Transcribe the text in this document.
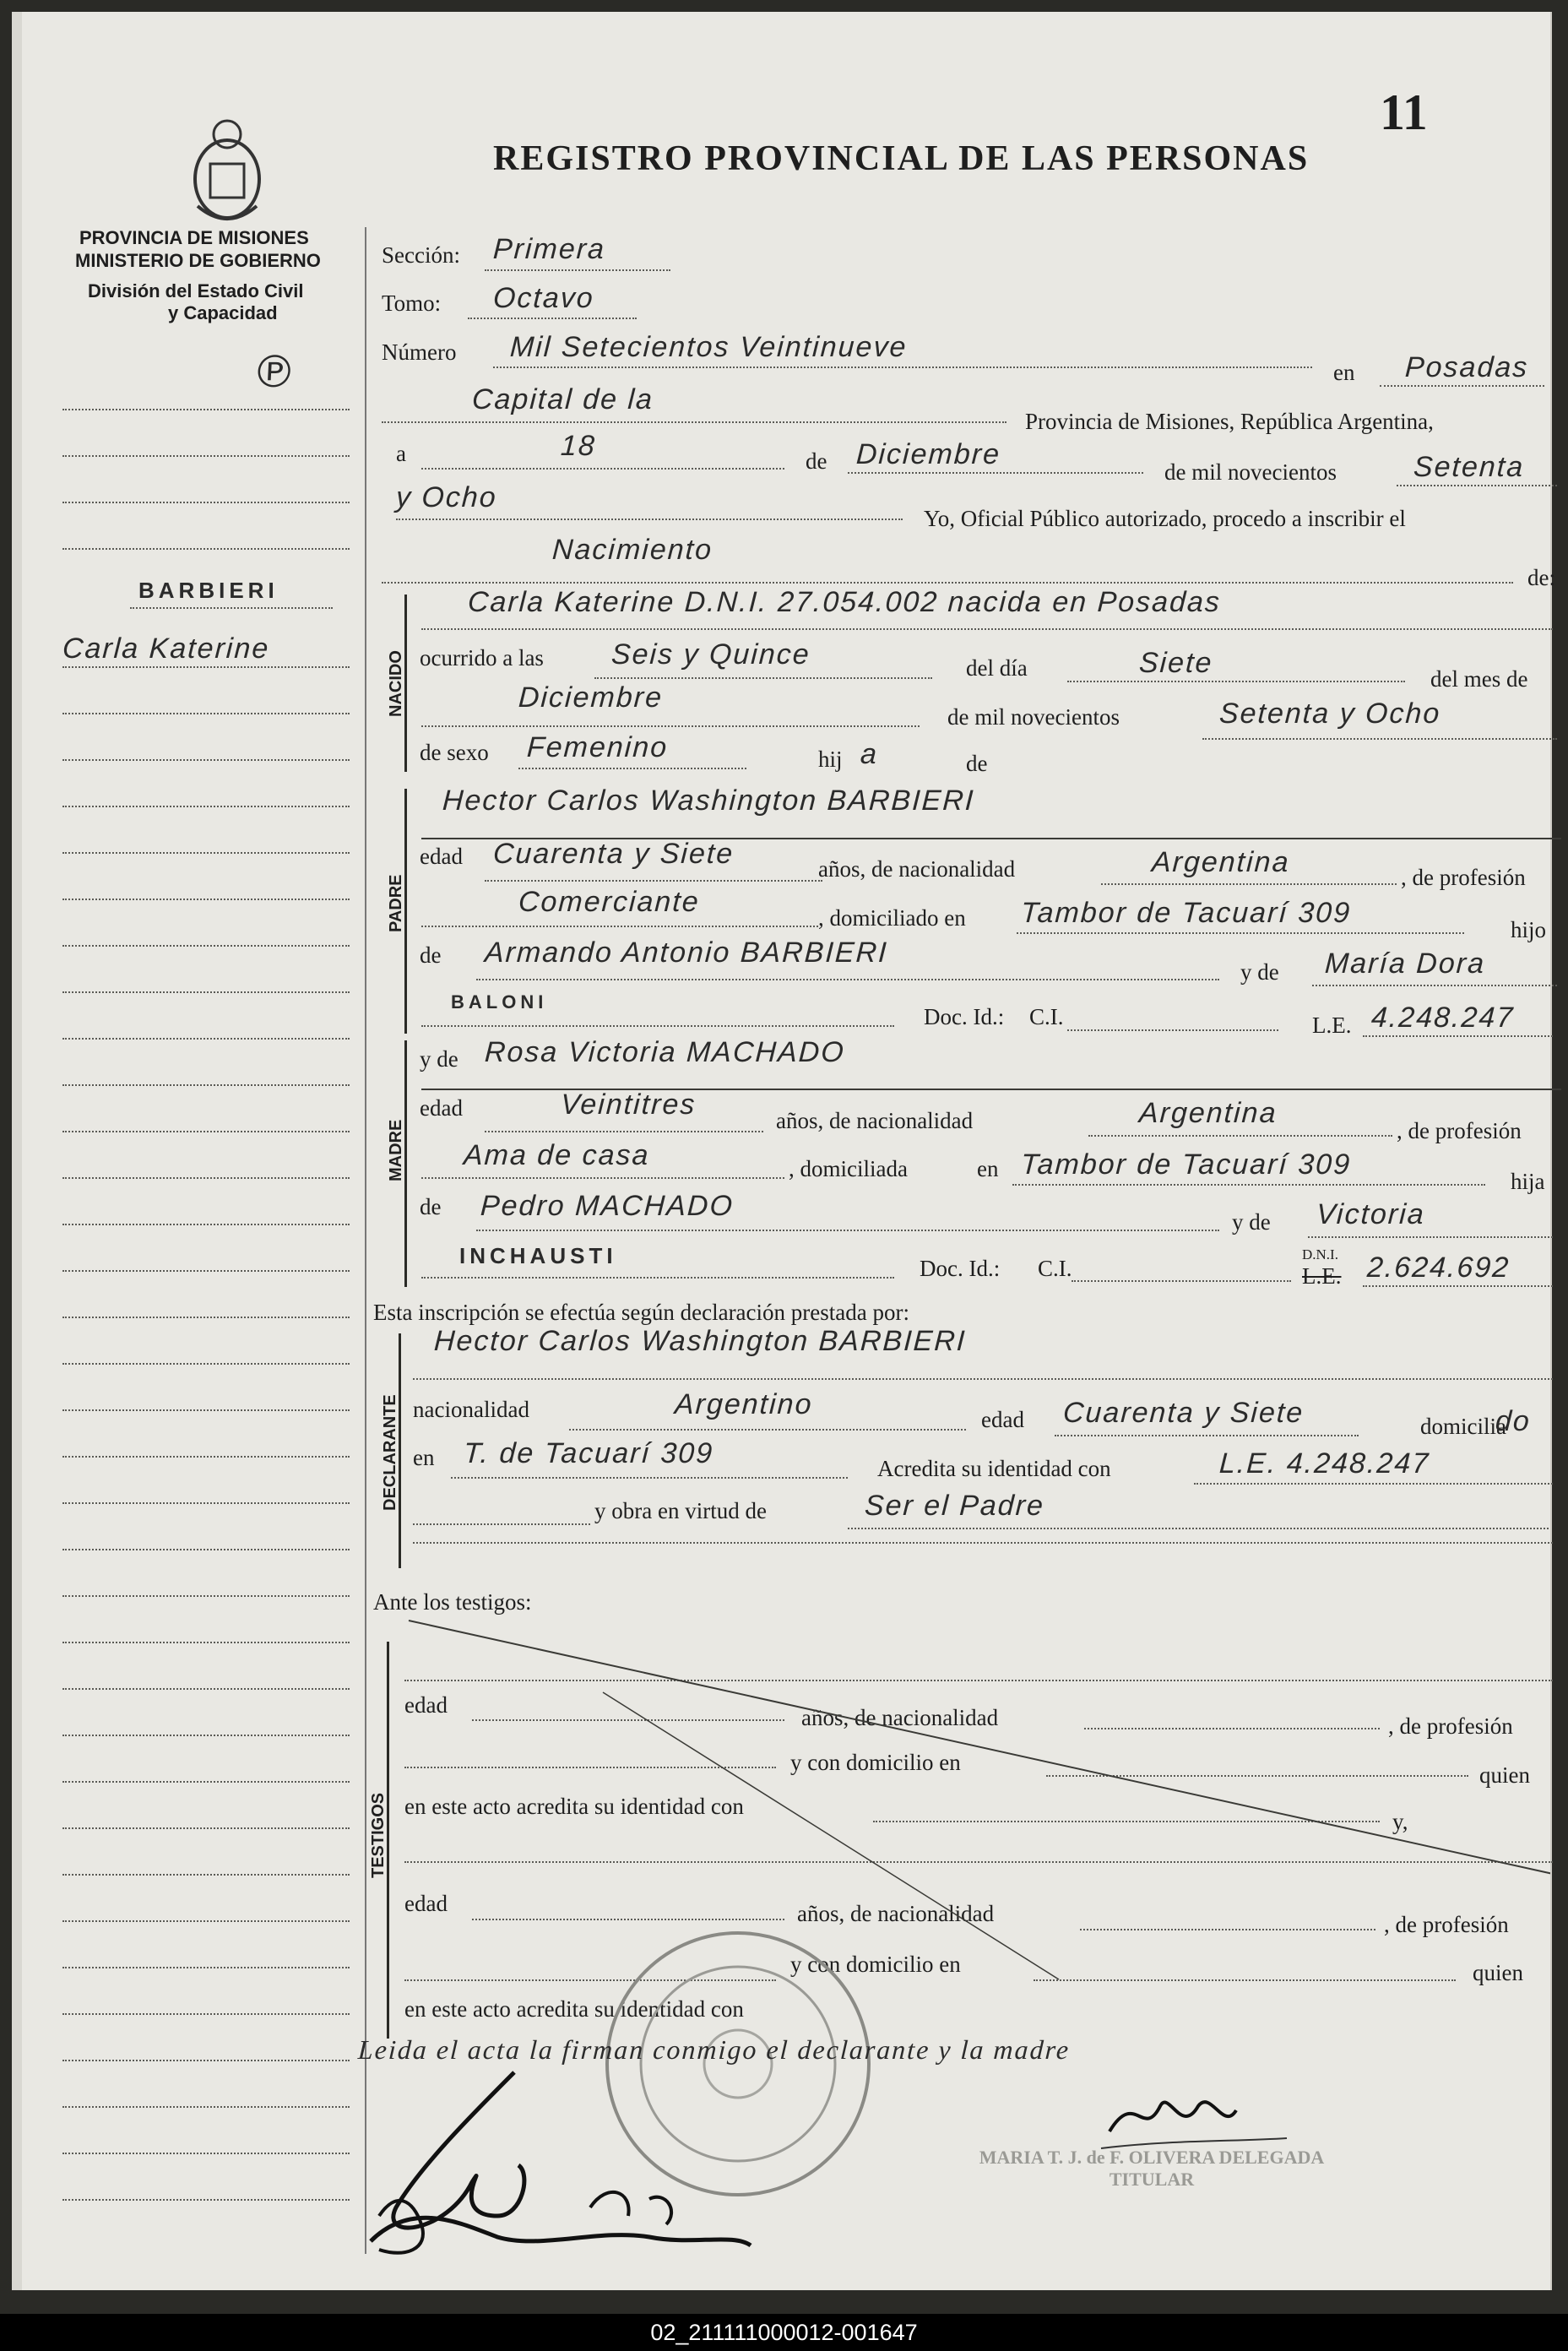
11
REGISTRO PROVINCIAL DE LAS PERSONAS
PROVINCIA DE MISIONES
MINISTERIO DE GOBIERNO
División del Estado Civil
y Capacidad
℗
BARBIERI
Carla Katerine
Sección: Primera
Tomo: Octavo
Número Mil Setecientos Veintinueve
en Posadas
Capital de la
Provincia de Misiones, República Argentina,
a	18	de Diciembre
de mil novecientos	Setenta
y Ocho
Yo, Oficial Público autorizado, procedo a inscribir el
Nacimiento
de:
NACIDO
Carla Katerine D.N.I. 27.054.002 nacida en Posadas
ocurrido a las Seis y Quince	del día	Siete	del mes de
Diciembre
de mil novecientos	Setenta y Ocho
de sexo Femenino	hij a	de
PADRE
Hector Carlos Washington BARBIERI
edad Cuarenta y Siete	años, de nacionalidad	Argentina	, de profesión
Comerciante	, domiciliado en Tambor de Tacuarí 309
hijo
de Armando Antonio BARBIERI
y de María Dora
BALONI
Doc. Id.: C.I.	L.E. 4.248.247
MADRE
y de Rosa Victoria MACHADO
edad	Veintitres	años, de nacionalidad	Argentina
, de profesión
Ama de casa	, domiciliada	en Tambor de Tacuarí 309
hija
de Pedro MACHADO	y de Victoria
INCHAUSTI	Doc. Id.: C.I.
D.N.I.
L.E. 2.624.692
Esta inscripción se efectúa según declaración prestada por:
DECLARANTE
Hector Carlos Washington BARBIERI
nacionalidad	Argentino	edad Cuarenta y Siete	domicilia
do
en T. de Tacuarí 309	Acredita su identidad con	L.E. 4.248.247
y obra en virtud de	Ser el Padre
Ante los testigos:
TESTIGOS
edad	años, de nacionalidad	, de profesión
y con domicilio en	quien
en este acto acredita su identidad con
y,
edad	años, de nacionalidad	, de profesión
y con domicilio en	quien
en este acto acredita su identidad con
Leida el acta la firman conmigo el declarante y la madre
MARIA T. J. de F. OLIVERA DELEGADA TITULAR
02_211111000012-001647
